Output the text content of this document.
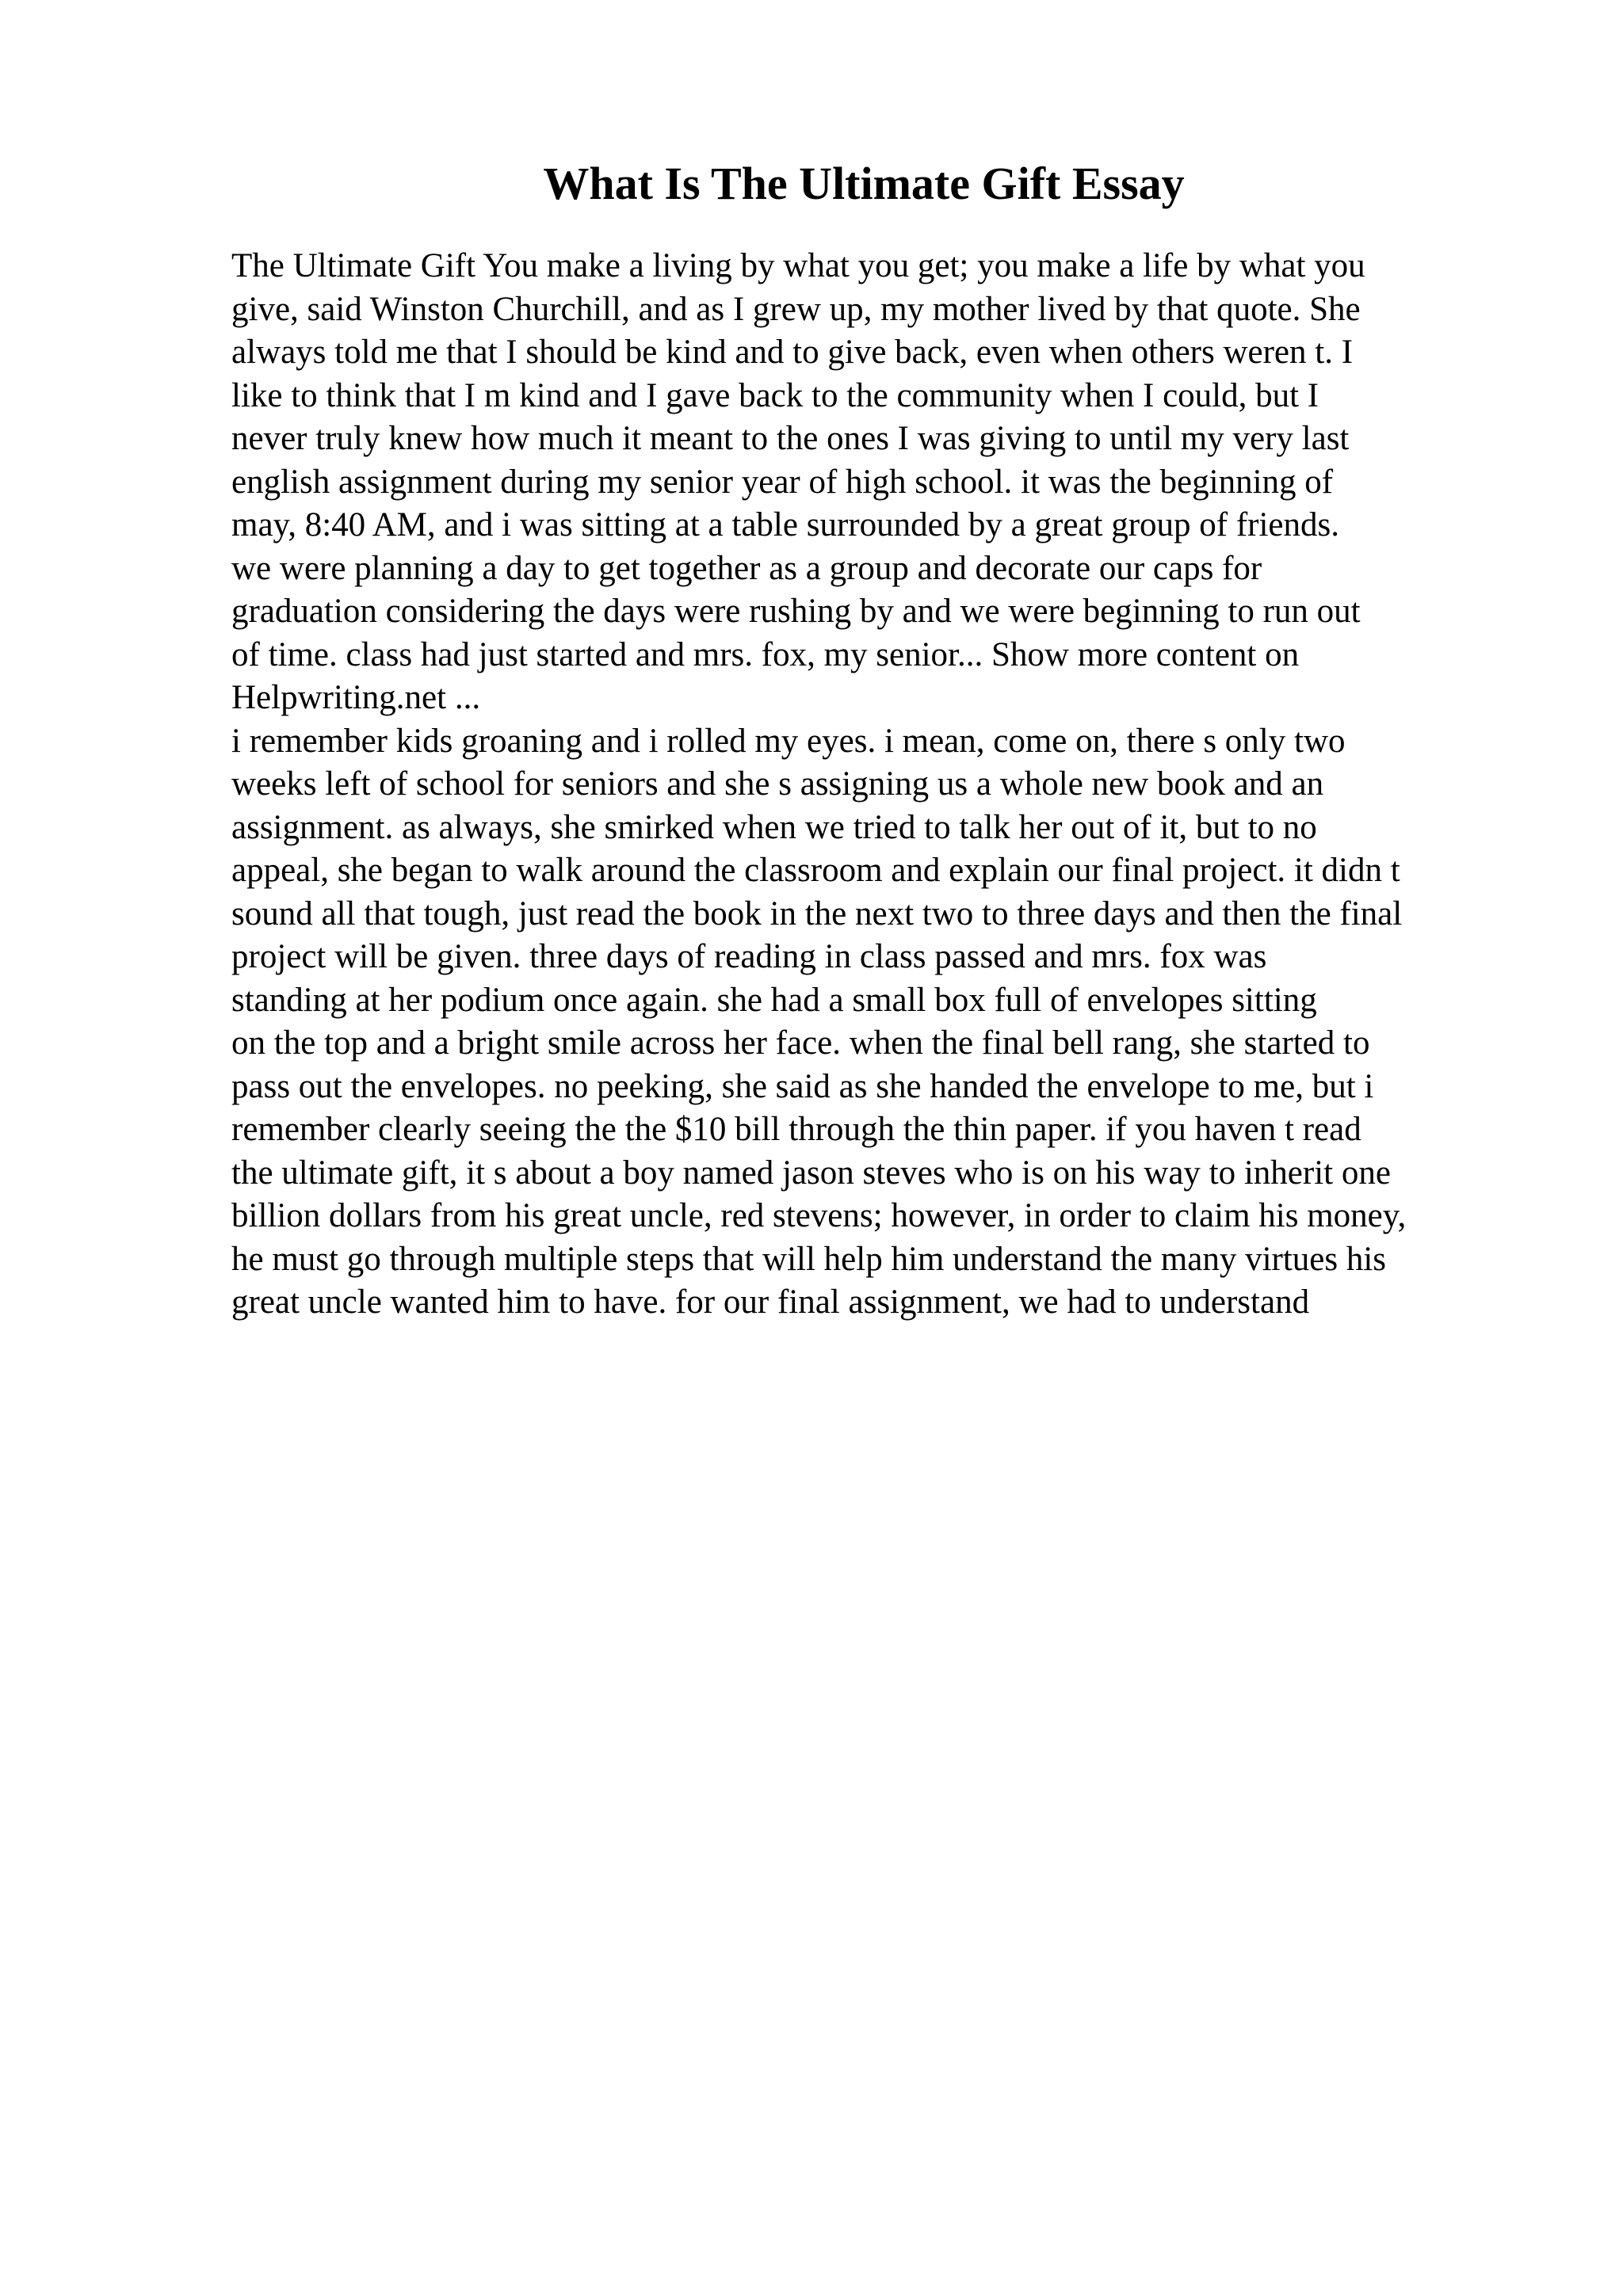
What Is The Ultimate Gift Essay
The Ultimate Gift You make a living by what you get; you make a life by what you
give, said Winston Churchill, and as I grew up, my mother lived by that quote. She
always told me that I should be kind and to give back, even when others weren t. I
like to think that I m kind and I gave back to the community when I could, but I
never truly knew how much it meant to the ones I was giving to until my very last
english assignment during my senior year of high school. it was the beginning of
may, 8:40 AM, and i was sitting at a table surrounded by a great group of friends.
we were planning a day to get together as a group and decorate our caps for
graduation considering the days were rushing by and we were beginning to run out
of time. class had just started and mrs. fox, my senior... Show more content on
Helpwriting.net ...
i remember kids groaning and i rolled my eyes. i mean, come on, there s only two
weeks left of school for seniors and she s assigning us a whole new book and an
assignment. as always, she smirked when we tried to talk her out of it, but to no
appeal, she began to walk around the classroom and explain our final project. it didn t
sound all that tough, just read the book in the next two to three days and then the final
project will be given. three days of reading in class passed and mrs. fox was
standing at her podium once again. she had a small box full of envelopes sitting
on the top and a bright smile across her face. when the final bell rang, she started to
pass out the envelopes. no peeking, she said as she handed the envelope to me, but i
remember clearly seeing the the $10 bill through the thin paper. if you haven t read
the ultimate gift, it s about a boy named jason steves who is on his way to inherit one
billion dollars from his great uncle, red stevens; however, in order to claim his money,
he must go through multiple steps that will help him understand the many virtues his
great uncle wanted him to have. for our final assignment, we had to understand
